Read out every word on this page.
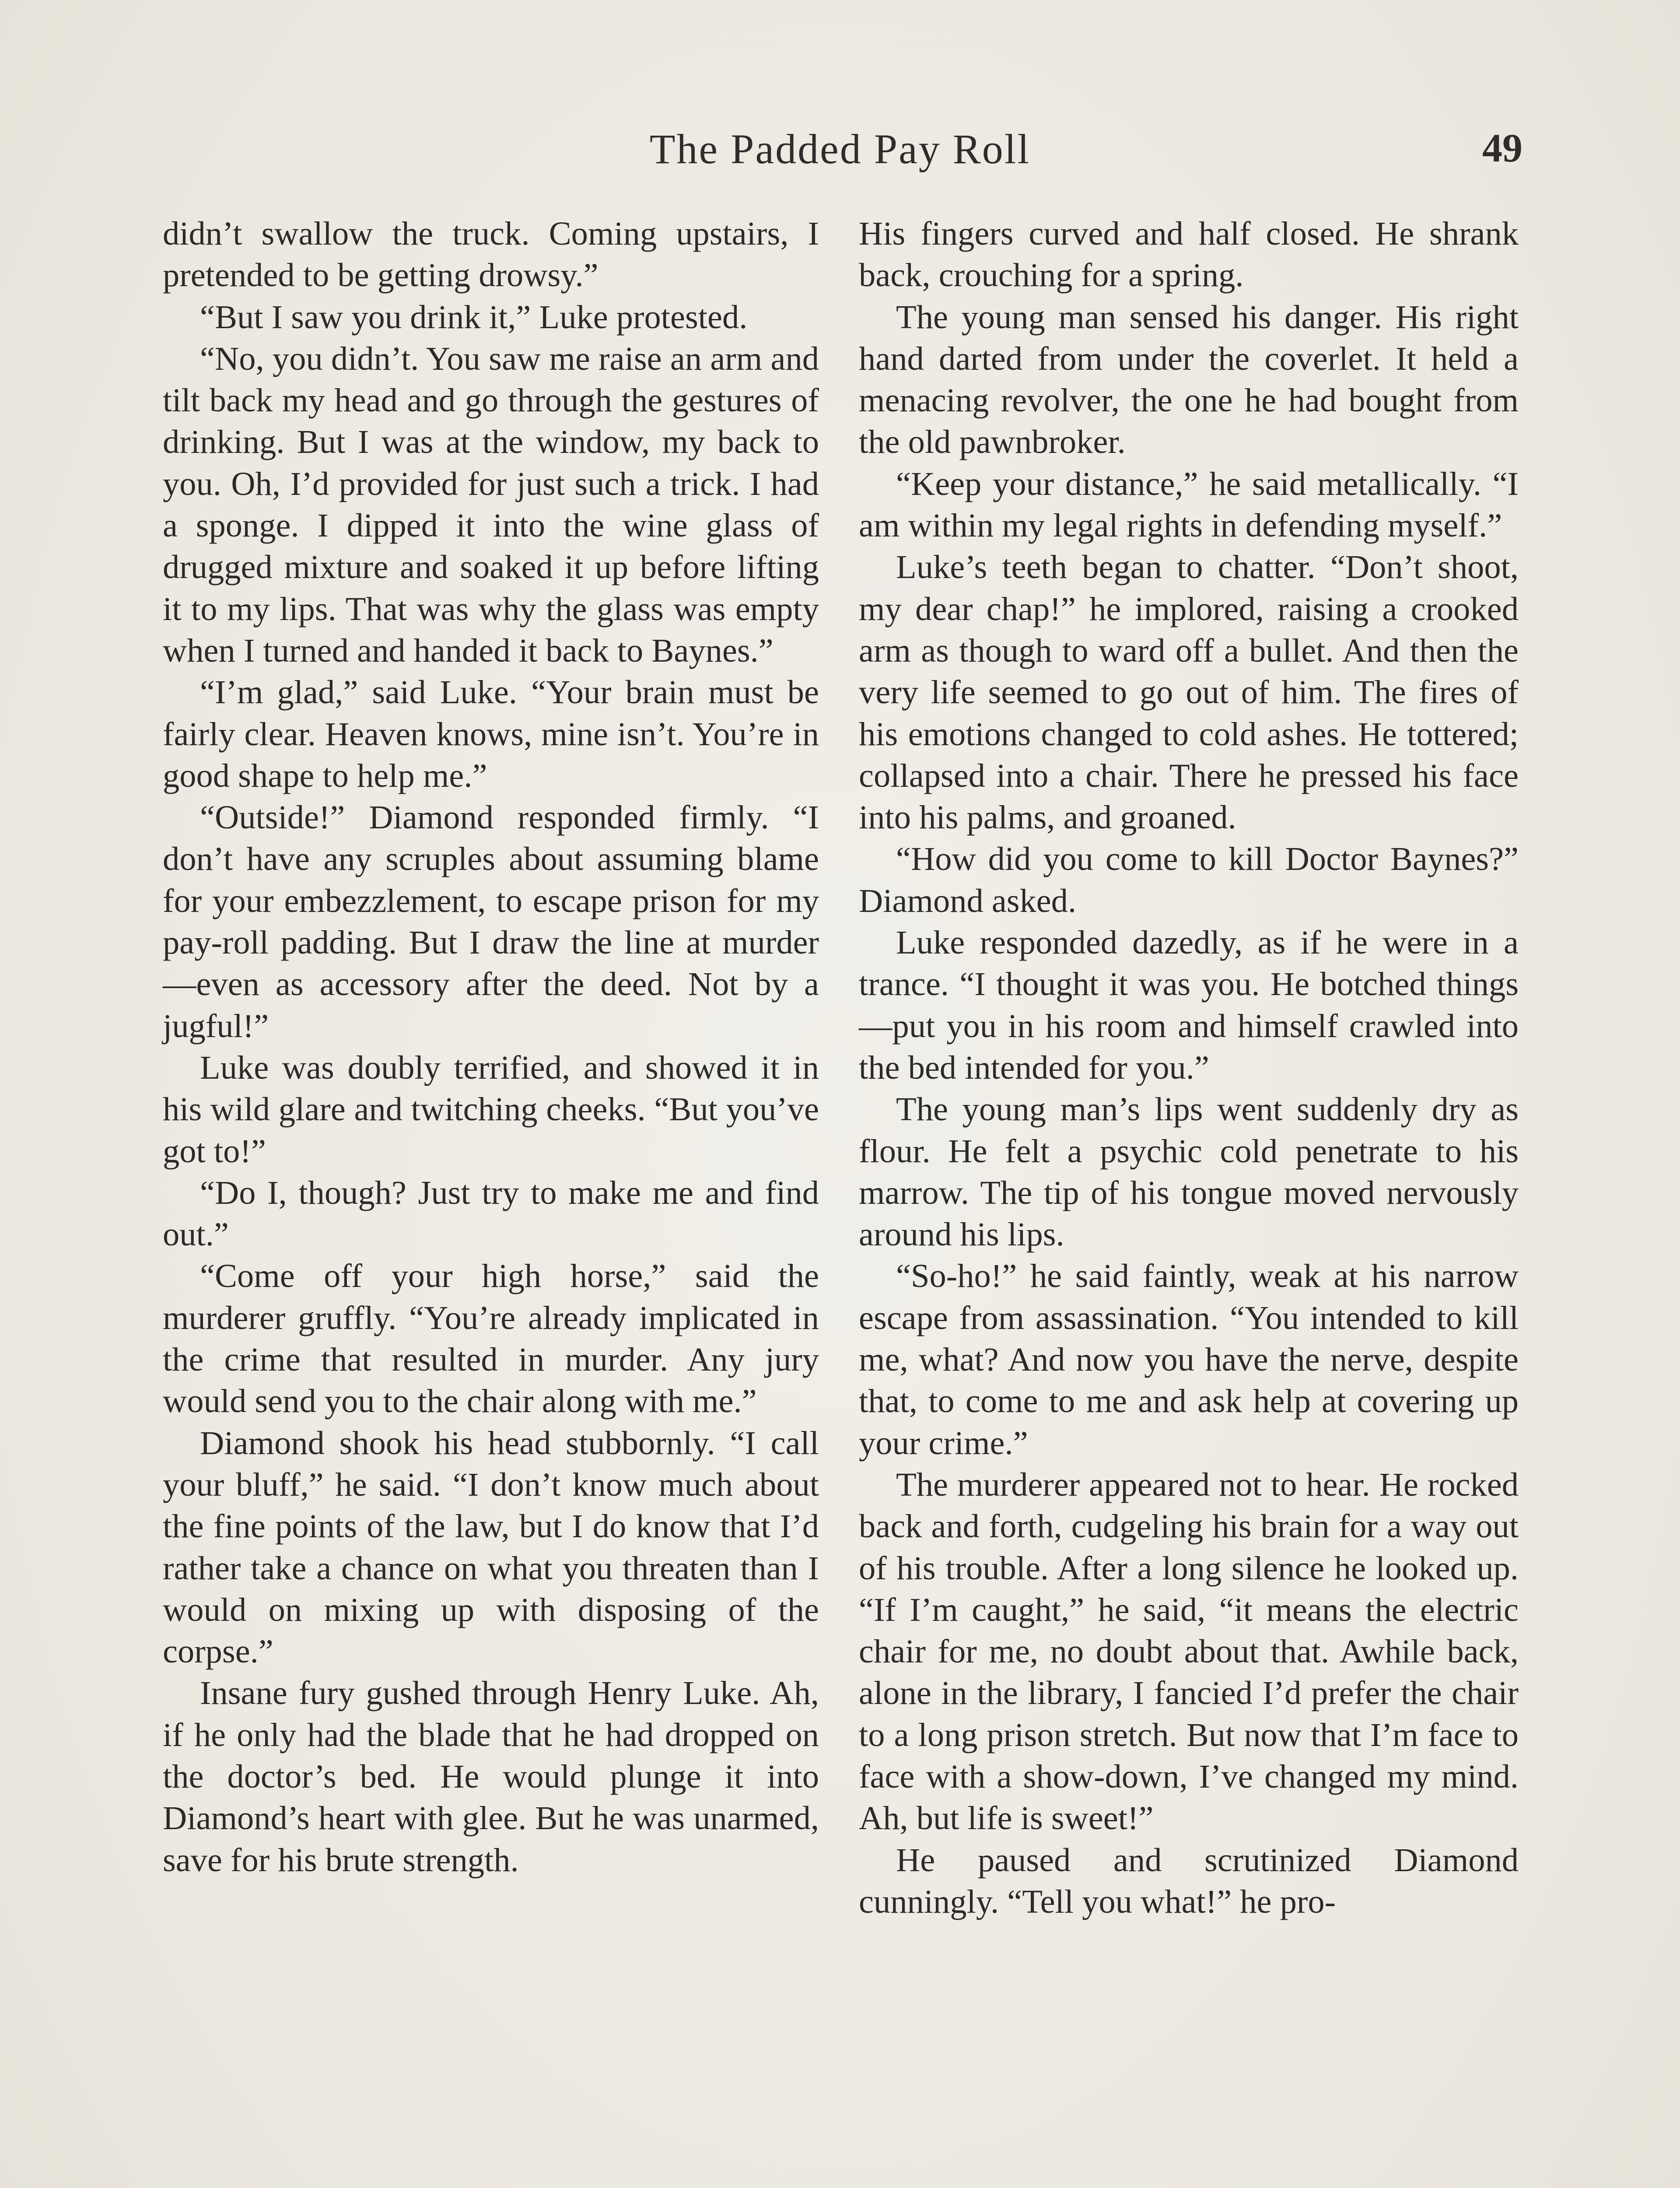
The Padded Pay Roll	49

didn’t swallow the truck. Coming upstairs, I pretended to be getting drowsy.”

“But I saw you drink it,” Luke protested.

“No, you didn’t. You saw me raise an arm and tilt back my head and go through the gestures of drinking. But I was at the window, my back to you. Oh, I’d provided for just such a trick. I had a sponge. I dipped it into the wine glass of drugged mixture and soaked it up before lifting it to my lips. That was why the glass was empty when I turned and handed it back to Baynes.”

“I’m glad,” said Luke. “Your brain must be fairly clear. Heaven knows, mine isn’t. You’re in good shape to help me.”

“Outside!” Diamond responded firmly. “I don’t have any scruples about assuming blame for your embezzlement, to escape prison for my pay-roll padding. But I draw the line at murder—even as accessory after the deed. Not by a jugful!”

Luke was doubly terrified, and showed it in his wild glare and twitching cheeks. “But you’ve got to!”

“Do I, though? Just try to make me and find out.”

“Come off your high horse,” said the murderer gruffly. “You’re already implicated in the crime that resulted in murder. Any jury would send you to the chair along with me.”

Diamond shook his head stubbornly. “I call your bluff,” he said. “I don’t know much about the fine points of the law, but I do know that I’d rather take a chance on what you threaten than I would on mixing up with disposing of the corpse.”

Insane fury gushed through Henry Luke. Ah, if he only had the blade that he had dropped on the doctor’s bed. He would plunge it into Diamond’s heart with glee. But he was unarmed, save for his brute strength.

His fingers curved and half closed. He shrank back, crouching for a spring.

The young man sensed his danger. His right hand darted from under the coverlet. It held a menacing revolver, the one he had bought from the old pawnbroker.

“Keep your distance,” he said metallically. “I am within my legal rights in defending myself.”

Luke’s teeth began to chatter. “Don’t shoot, my dear chap!” he implored, raising a crooked arm as though to ward off a bullet. And then the very life seemed to go out of him. The fires of his emotions changed to cold ashes. He tottered; collapsed into a chair. There he pressed his face into his palms, and groaned.

“How did you come to kill Doctor Baynes?” Diamond asked.

Luke responded dazedly, as if he were in a trance. “I thought it was you. He botched things—put you in his room and himself crawled into the bed intended for you.”

The young man’s lips went suddenly dry as flour. He felt a psychic cold penetrate to his marrow. The tip of his tongue moved nervously around his lips.

“So-ho!” he said faintly, weak at his narrow escape from assassination. “You intended to kill me, what? And now you have the nerve, despite that, to come to me and ask help at covering up your crime.”

The murderer appeared not to hear. He rocked back and forth, cudgeling his brain for a way out of his trouble. After a long silence he looked up. “If I’m caught,” he said, “it means the electric chair for me, no doubt about that. Awhile back, alone in the library, I fancied I’d prefer the chair to a long prison stretch. But now that I’m face to face with a show-down, I’ve changed my mind. Ah, but life is sweet!”

He paused and scrutinized Diamond cunningly. “Tell you what!” he pro-
